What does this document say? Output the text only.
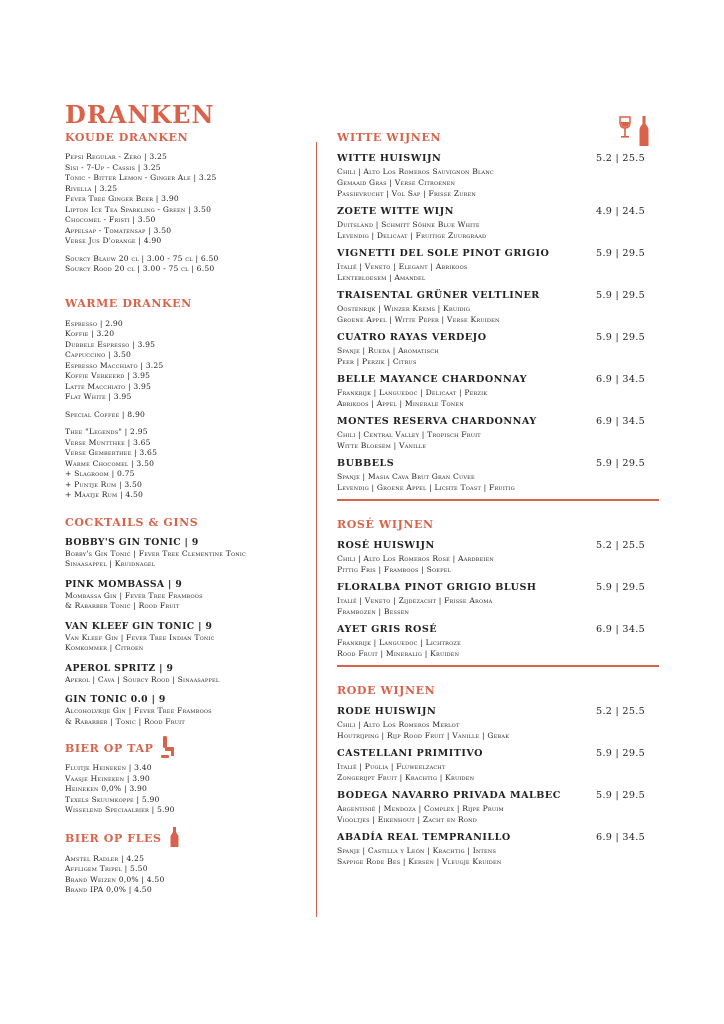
DRANKEN
KOUDE DRANKEN
Pepsi Regular - Zero | 3.25
Sisi - 7-Up - Cassis | 3.25
Tonic - Bitter Lemon - Ginger Ale | 3.25
Rivella | 3.25
Fever Tree Ginger Beer | 3.90
Lipton Ice Tea Sparkling - Green | 3.50
Chocomel - Fristi | 3.50
Appelsap - Tomatensap | 3.50
Verse Jus D'orange | 4.90
Sourcy Blauw 20 cl | 3.00 - 75 cl | 6.50
Sourcy Rood 20 cl | 3.00 - 75 cl | 6.50
WARME DRANKEN
Espresso | 2.90
Koffie | 3.20
Dubbele Espresso | 3.95
Cappuccino | 3.50
Espresso Macchiato | 3.25
Koffie Verkeerd | 3.95
Latte Macchiato | 3.95
Flat White | 3.95
Special Coffee | 8.90
Thee "Legends" | 2.95
Verse Muntthee | 3.65
Verse Gemberthee | 3.65
Warme Chocomel | 3.50
+ Slagroom | 0.75
+ Puntje Rum | 3.50
+ Maatje Rum | 4.50
COCKTAILS & GINS
BOBBY'S GIN TONIC | 9
Bobby's Gin Tonic | Fever Tree Clementine Tonic
Sinaasappel | Kruidnagel
PINK MOMBASSA | 9
Mombassa Gin | Fever Tree Framboos
& Rabarber Tonic | Rood Fruit
VAN KLEEF GIN TONIC | 9
Van Kleef Gin | Fever Tree Indian Tonic
Komkommer | Citroen
APEROL SPRITZ | 9
Aperol | Cava | Sourcy Rood | Sinaasappel
GIN TONIC 0.0 | 9
Alcoholvrije Gin | Fever Tree Framboos
& Rabarber | Tonic | Rood Fruit
BIER OP TAP
Fluitje Heineken | 3.40
Vaasje Heineken | 3.90
Heineken 0,0% | 3.90
Texels Skuumkoppe | 5.90
Wisselend Speciaalbier | 5.90
BIER OP FLES
Amstel Radler | 4.25
Affligem Tripel | 5.50
Brand Weizen 0,0% | 4.50
Brand IPA 0,0% | 4.50
WITTE WIJNEN
WITTE HUISWIJN	5.2 | 25.5
Chili | Alto Los Romeros Sauvignon Blanc
Gemaaid Gras | Verse Citroenen
Passievrucht | Vol Sap | Frisse Zuren
ZOETE WITTE WIJN	4.9 | 24.5
Duitsland | Schmitt Söhne Blue White
Levendig | Delicaat | Fruitige Zuurgraad
VIGNETTI DEL SOLE PINOT GRIGIO	5.9 | 29.5
Italië | Veneto | Elegant | Abrikoos
Lentebloesem | Amandel
TRAISENTAL GRÜNER VELTLINER	5.9 | 29.5
Oostenrijk | Winzer Krems | Kruidig
Groene Appel | Witte Peper | Verse Kruiden
CUATRO RAYAS VERDEJO	5.9 | 29.5
Spanje | Rueda | Aromatisch
Peer | Perzik | Citrus
BELLE MAYANCE CHARDONNAY	6.9 | 34.5
Frankrijk | Languedoc | Delicaat | Perzik
Abrikoos | Appel | Minerale Tonen
MONTES RESERVA CHARDONNAY	6.9 | 34.5
Chili | Central Valley | Tropisch Fruit
Witte Bloesem | Vanille
BUBBELS	5.9 | 29.5
Spanje | Masia Cava Brut Gran Cuvee
Levendig | Groene Appel | Lichte Toast | Fruitig
ROSÉ WIJNEN
ROSÉ HUISWIJN	5.2 | 25.5
Chili | Alto Los Romeros Rosé | Aardbeien
Pittig Fris | Framboos | Soepel
FLORALBA PINOT GRIGIO BLUSH	5.9 | 29.5
Italië | Veneto | Zijdezacht | Frisse Aroma
Frambozen | Bessen
AYET GRIS ROSÉ	6.9 | 34.5
Frankrijk | Languedoc | Lichtroze
Rood Fruit | Mineralig | Kruiden
RODE WIJNEN
RODE HUISWIJN	5.2 | 25.5
Chili | Alto Los Romeros Merlot
Houtrijping | Rijp Rood Fruit | Vanille | Gebak
CASTELLANI PRIMITIVO	5.9 | 29.5
Italië | Puglia | Fluweelzacht
Zongerijpt Fruit | Krachtig | Kruiden
BODEGA NAVARRO PRIVADA MALBEC	5.9 | 29.5
Argentinië | Mendoza | Complex | Rijpe Pruim
Viooltjes | Eikenhout | Zacht en Rond
ABADÍA REAL TEMPRANILLO	6.9 | 34.5
Spanje | Castilla y León | Krachtig | Intens
Sappige Rode Bes | Kersen | Vleugje Kruiden
